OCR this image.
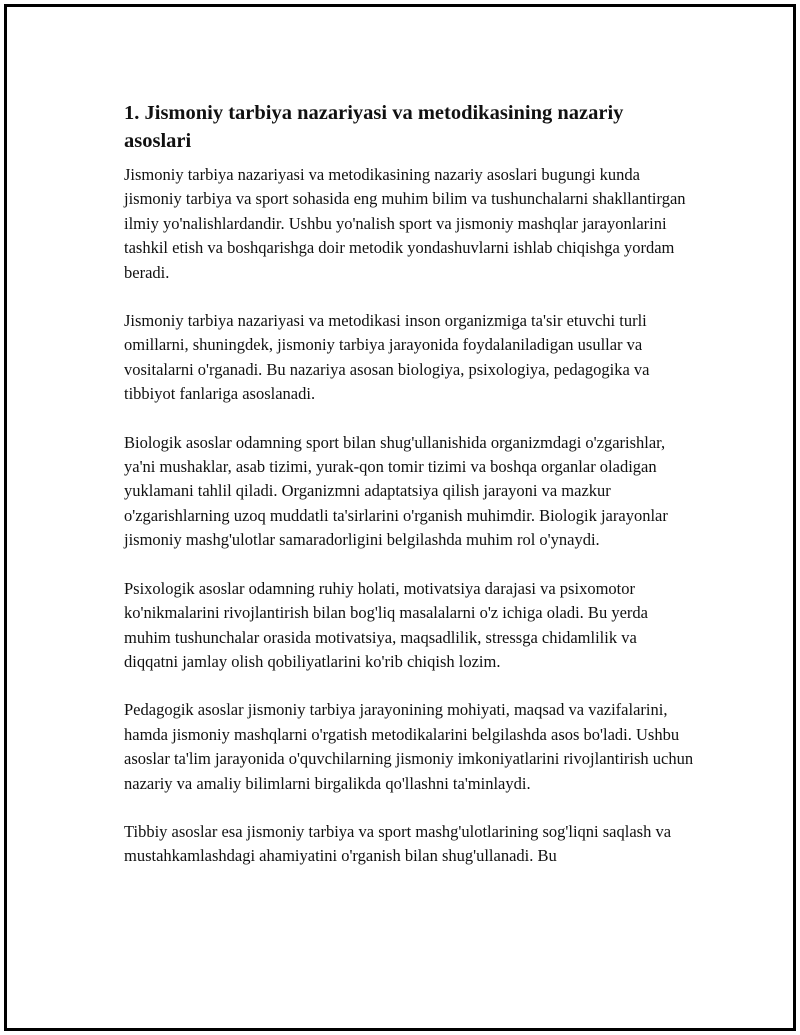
1. Jismoniy tarbiya nazariyasi va metodikasining nazariy asoslari

Jismoniy tarbiya nazariyasi va metodikasining nazariy asoslari bugungi kunda jismoniy tarbiya va sport sohasida eng muhim bilim va tushunchalarni shakllantirgan ilmiy yo'nalishlardandir. Ushbu yo'nalish sport va jismoniy mashqlar jarayonlarini tashkil etish va boshqarishga doir metodik yondashuvlarni ishlab chiqishga yordam beradi.

Jismoniy tarbiya nazariyasi va metodikasi inson organizmiga ta'sir etuvchi turli omillarni, shuningdek, jismoniy tarbiya jarayonida foydalaniladigan usullar va vositalarni o'rganadi. Bu nazariya asosan biologiya, psixologiya, pedagogika va tibbiyot fanlariga asoslanadi.

Biologik asoslar odamning sport bilan shug'ullanishida organizmdagi o'zgarishlar, ya'ni mushaklar, asab tizimi, yurak-qon tomir tizimi va boshqa organlar oladigan yuklamani tahlil qiladi. Organizmni adaptatsiya qilish jarayoni va mazkur o'zgarishlarning uzoq muddatli ta'sirlarini o'rganish muhimdir. Biologik jarayonlar jismoniy mashg'ulotlar samaradorligini belgilashda muhim rol o'ynaydi.

Psixologik asoslar odamning ruhiy holati, motivatsiya darajasi va psixomotor ko'nikmalarini rivojlantirish bilan bog'liq masalalarni o'z ichiga oladi. Bu yerda muhim tushunchalar orasida motivatsiya, maqsadlilik, stressga chidamlilik va diqqatni jamlay olish qobiliyatlarini ko'rib chiqish lozim.

Pedagogik asoslar jismoniy tarbiya jarayonining mohiyati, maqsad va vazifalarini, hamda jismoniy mashqlarni o'rgatish metodikalarini belgilashda asos bo'ladi. Ushbu asoslar ta'lim jarayonida o'quvchilarning jismoniy imkoniyatlarini rivojlantirish uchun nazariy va amaliy bilimlarni birgalikda qo'llashni ta'minlaydi.

Tibbiy asoslar esa jismoniy tarbiya va sport mashg'ulotlarining sog'liqni saqlash va mustahkamlashdagi ahamiyatini o'rganish bilan shug'ullanadi. Bu
